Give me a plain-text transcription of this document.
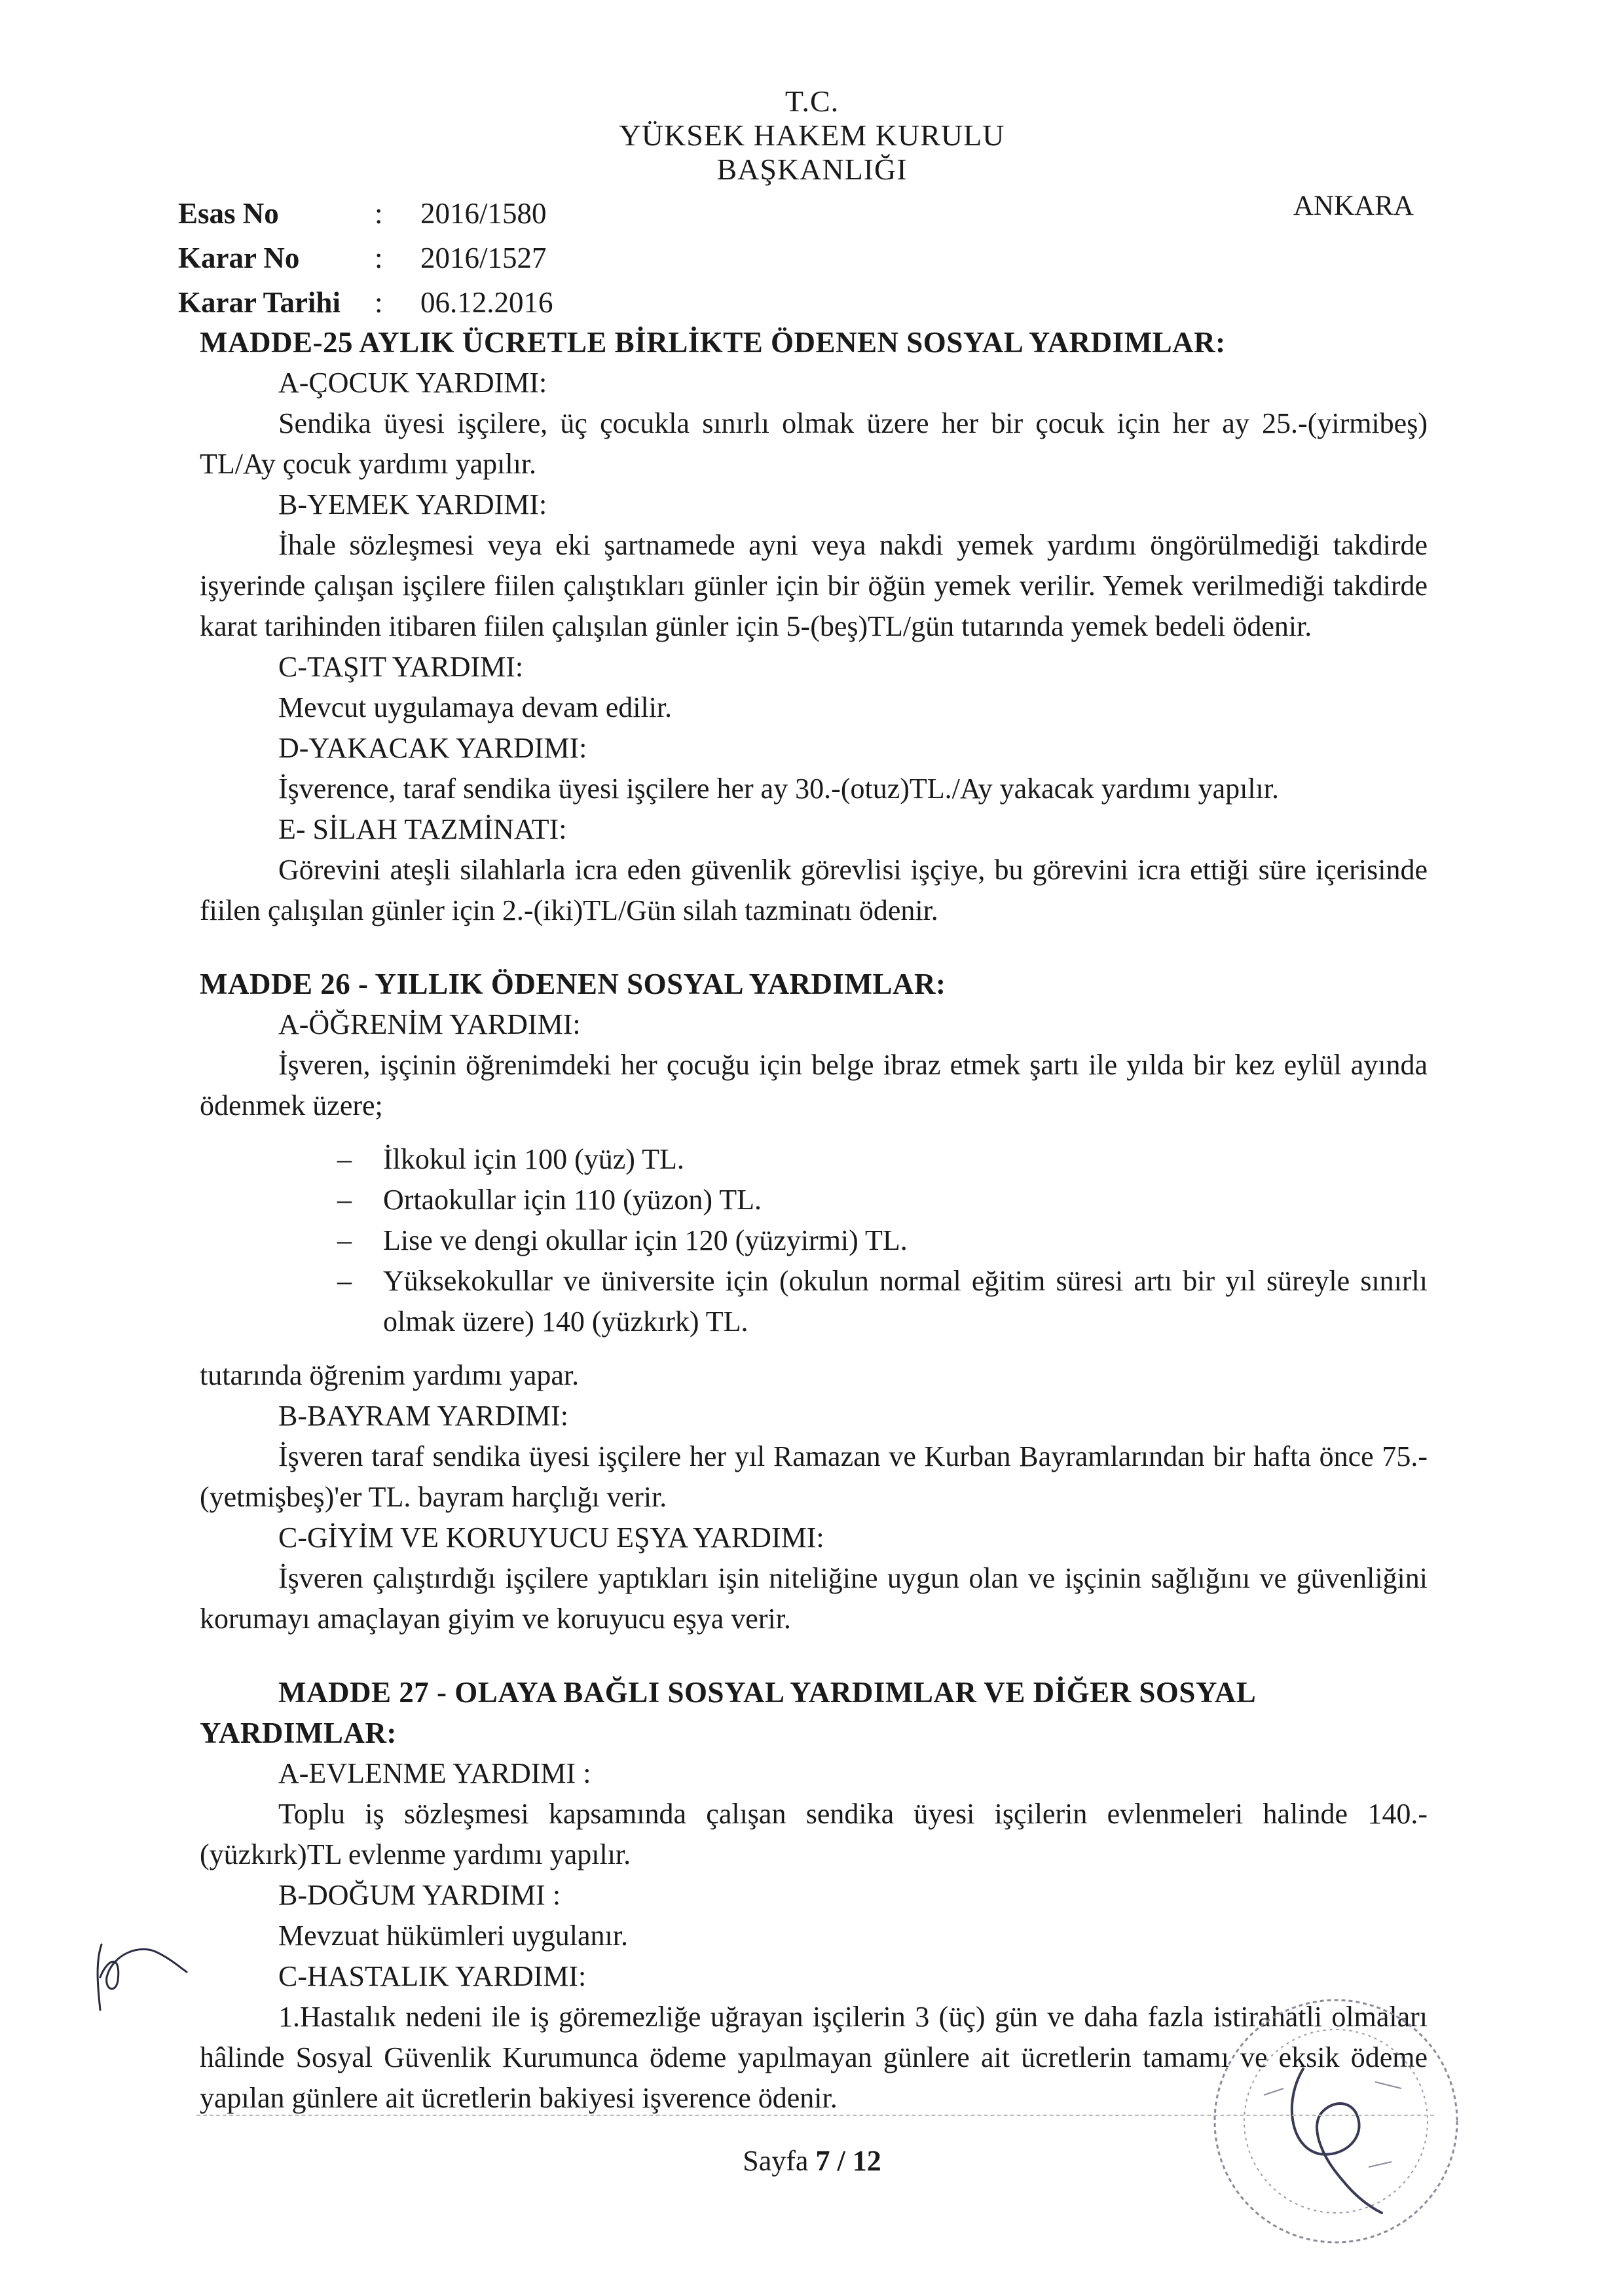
T.C.
YÜKSEK HAKEM KURULU
BAŞKANLIĞI
ANKARA
Esas No	:	2016/1580
Karar No	:	2016/1527
Karar Tarihi	:	06.12.2016
MADDE-25 AYLIK ÜCRETLE BİRLİKTE ÖDENEN SOSYAL YARDIMLAR:
A-ÇOCUK YARDIMI:
Sendika üyesi işçilere, üç çocukla sınırlı olmak üzere her bir çocuk için her ay 25.-(yirmibeş) TL/Ay çocuk yardımı yapılır.
B-YEMEK YARDIMI:
İhale sözleşmesi veya eki şartnamede ayni veya nakdi yemek yardımı öngörülmediği takdirde işyerinde çalışan işçilere fiilen çalıştıkları günler için bir öğün yemek verilir. Yemek verilmediği takdirde karat tarihinden itibaren fiilen çalışılan günler için 5-(beş)TL/gün tutarında yemek bedeli ödenir.
C-TAŞIT YARDIMI:
Mevcut uygulamaya devam edilir.
D-YAKACAK YARDIMI:
İşverence, taraf sendika üyesi işçilere her ay 30.-(otuz)TL./Ay yakacak yardımı yapılır.
E- SİLAH TAZMİNATI:
Görevini ateşli silahlarla icra eden güvenlik görevlisi işçiye, bu görevini icra ettiği süre içerisinde fiilen çalışılan günler için 2.-(iki)TL/Gün silah tazminatı ödenir.
MADDE 26 - YILLIK ÖDENEN SOSYAL YARDIMLAR:
A-ÖĞRENİM YARDIMI:
İşveren, işçinin öğrenimdeki her çocuğu için belge ibraz etmek şartı ile yılda bir kez eylül ayında ödenmek üzere;
– İlkokul için 100 (yüz) TL.
– Ortaokullar için 110 (yüzon) TL.
– Lise ve dengi okullar için 120 (yüzyirmi) TL.
– Yüksekokullar ve üniversite için (okulun normal eğitim süresi artı bir yıl süreyle sınırlı olmak üzere) 140 (yüzkırk) TL.
tutarında öğrenim yardımı yapar.
B-BAYRAM YARDIMI:
İşveren taraf sendika üyesi işçilere her yıl Ramazan ve Kurban Bayramlarından bir hafta önce 75.-(yetmişbeş)'er TL. bayram harçlığı verir.
C-GİYİM VE KORUYUCU EŞYA YARDIMI:
İşveren çalıştırdığı işçilere yaptıkları işin niteliğine uygun olan ve işçinin sağlığını ve güvenliğini korumayı amaçlayan giyim ve koruyucu eşya verir.
MADDE 27 - OLAYA BAĞLI SOSYAL YARDIMLAR VE DİĞER SOSYAL YARDIMLAR:
A-EVLENME YARDIMI :
Toplu iş sözleşmesi kapsamında çalışan sendika üyesi işçilerin evlenmeleri halinde 140.-(yüzkırk)TL evlenme yardımı yapılır.
B-DOĞUM YARDIMI :
Mevzuat hükümleri uygulanır.
C-HASTALIK YARDIMI:
1.Hastalık nedeni ile iş göremezliğe uğrayan işçilerin 3 (üç) gün ve daha fazla istirahatli olmaları hâlinde Sosyal Güvenlik Kurumunca ödeme yapılmayan günlere ait ücretlerin tamamı ve eksik ödeme yapılan günlere ait ücretlerin bakiyesi işverence ödenir.
Sayfa 7 / 12
